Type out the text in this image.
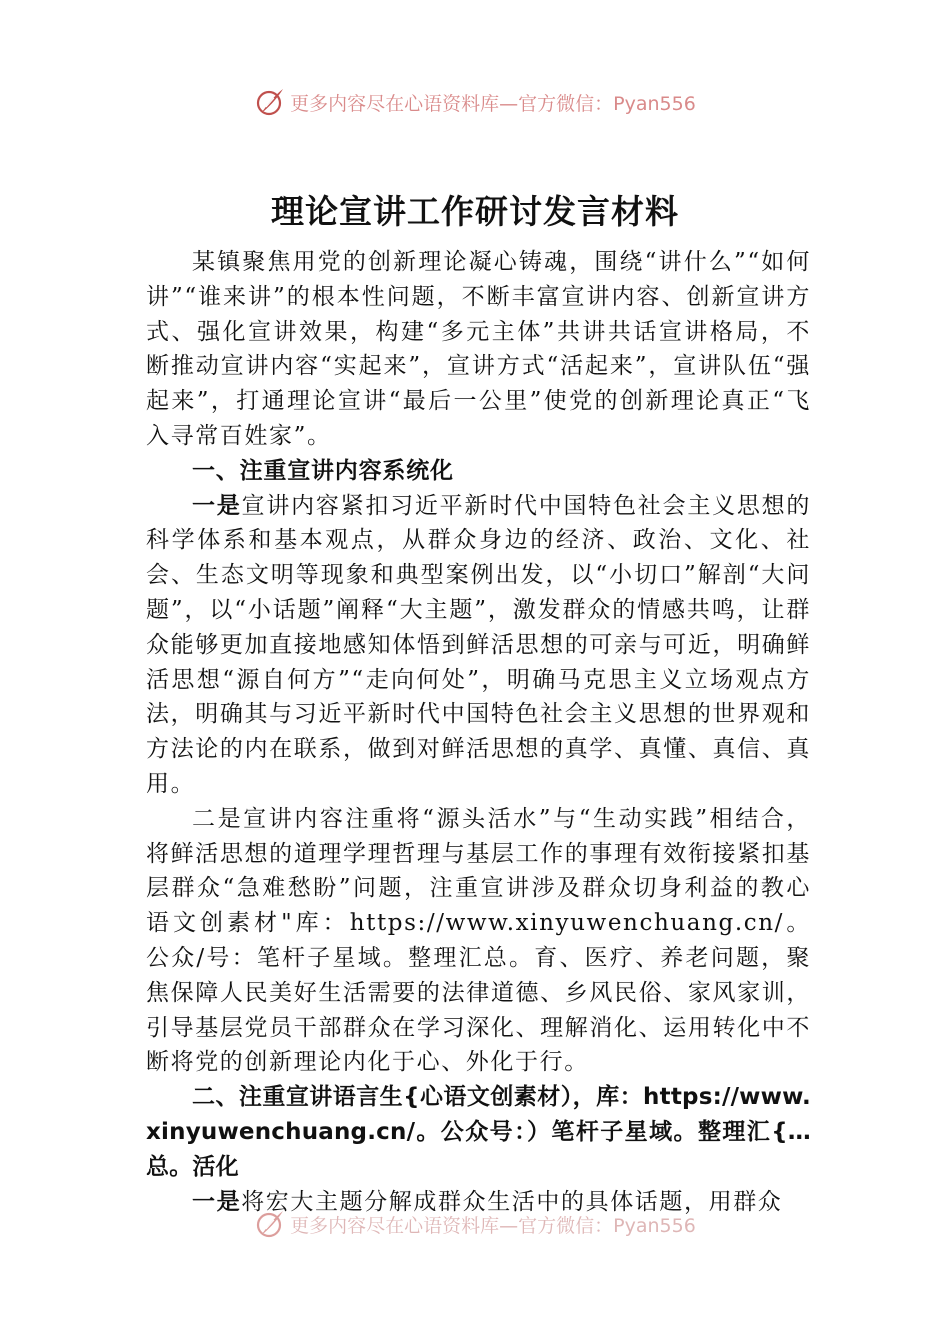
更多内容尽在心语资料库—官方微信：Pyan556
理论宣讲工作研讨发言材料

某镇聚焦用党的创新理论凝心铸魂，围绕“讲什么”“如何讲”“谁来讲”的根本性问题，不断丰富宣讲内容、创新宣讲方式、强化宣讲效果，构建“多元主体”共讲共话宣讲格局，不断推动宣讲内容“实起来”，宣讲方式“活起来”，宣讲队伍“强起来”，打通理论宣讲“最后一公里”使党的创新理论真正“飞入寻常百姓家”。

一、注重宣讲内容系统化

一是宣讲内容紧扣习近平新时代中国特色社会主义思想的科学体系和基本观点，从群众身边的经济、政治、文化、社会、生态文明等现象和典型案例出发，以“小切口”解剖“大问题”，以“小话题”阐释“大主题”，激发群众的情感共鸣，让群众能够更加直接地感知体悟到鲜活思想的可亲与可近，明确鲜活思想“源自何方”“走向何处”，明确马克思主义立场观点方法，明确其与习近平新时代中国特色社会主义思想的世界观和方法论的内在联系，做到对鲜活思想的真学、真懂、真信、真用。

二是宣讲内容注重将“源头活水”与“生动实践”相结合，将鲜活思想的道理学理哲理与基层工作的事理有效衔接紧扣基层群众“急难愁盼”问题，注重宣讲涉及群众切身利益的教心语文创素材"库：https://www.xinyuwenchuang.cn/。公众/号：笔杆子星域。整理汇总。育、医疗、养老问题，聚焦保障人民美好生活需要的法律道德、乡风民俗、家风家训，引导基层党员干部群众在学习深化、理解消化、运用转化中不断将党的创新理论内化于心、外化于行。

二、注重宣讲语言生{心语文创素材），库：https://www.xinyuwenchuang.cn/。公众号：）笔杆子星域。整理汇{…总。活化

一是将宏大主题分解成群众生活中的具体话题，用群众

更多内容尽在心语资料库—官方微信：Pyan556
